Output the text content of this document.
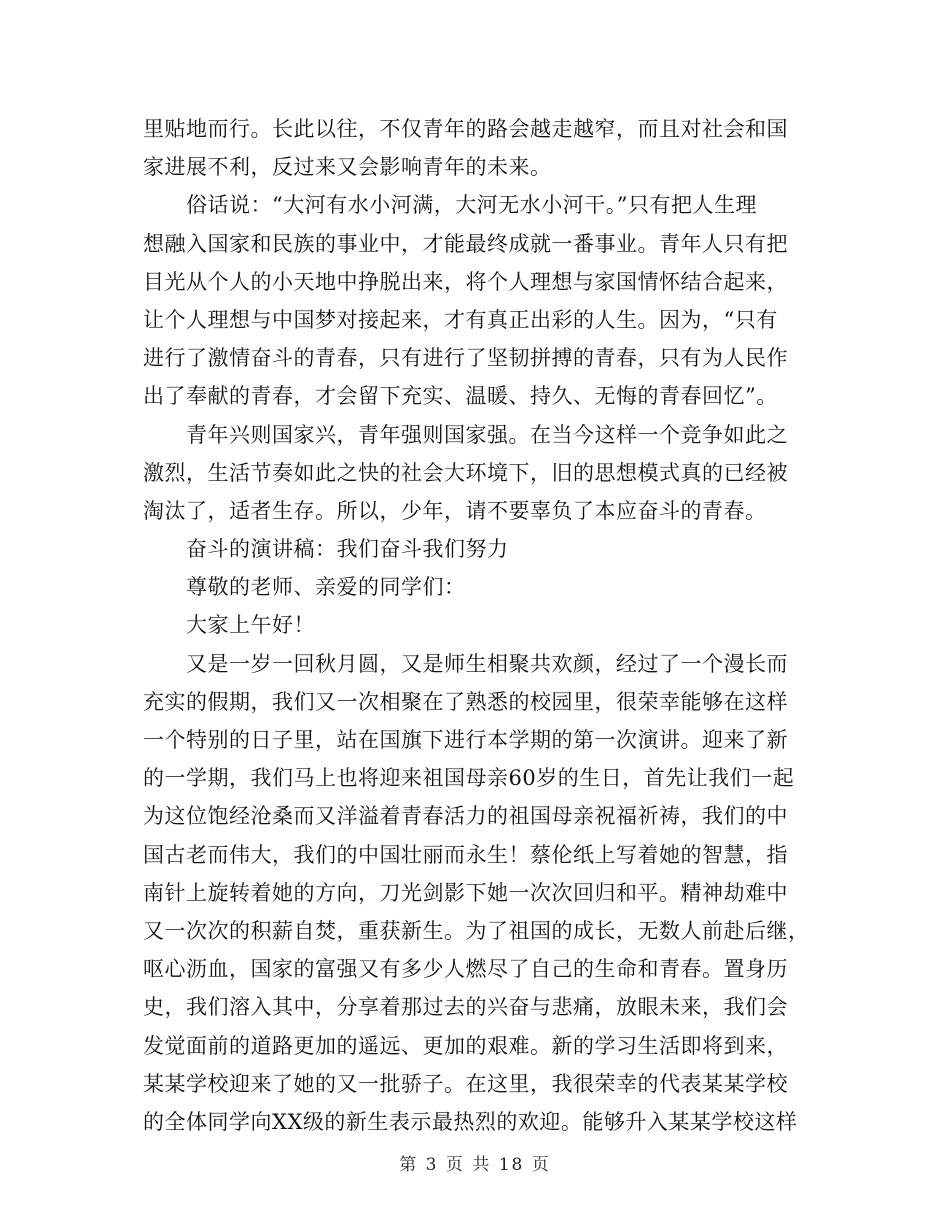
里贴地而行。长此以往，不仅青年的路会越走越窄，而且对社会和国
家进展不利，反过来又会影响青年的未来。
　　俗话说：“大河有水小河满，大河无水小河干。”只有把人生理
想融入国家和民族的事业中，才能最终成就一番事业。青年人只有把
目光从个人的小天地中挣脱出来，将个人理想与家国情怀结合起来，
让个人理想与中国梦对接起来，才有真正出彩的人生。因为，“只有
进行了激情奋斗的青春，只有进行了坚韧拼搏的青春，只有为人民作
出了奉献的青春，才会留下充实、温暖、持久、无悔的青春回忆”。
　　青年兴则国家兴，青年强则国家强。在当今这样一个竞争如此之
激烈，生活节奏如此之快的社会大环境下，旧的思想模式真的已经被
淘汰了，适者生存。所以，少年，请不要辜负了本应奋斗的青春。
　　奋斗的演讲稿：我们奋斗我们努力
　　尊敬的老师、亲爱的同学们：
　　大家上午好！
　　又是一岁一回秋月圆，又是师生相聚共欢颜，经过了一个漫长而
充实的假期，我们又一次相聚在了熟悉的校园里，很荣幸能够在这样
一个特别的日子里，站在国旗下进行本学期的第一次演讲。迎来了新
的一学期，我们马上也将迎来祖国母亲60岁的生日，首先让我们一起
为这位饱经沧桑而又洋溢着青春活力的祖国母亲祝福祈祷，我们的中
国古老而伟大，我们的中国壮丽而永生！蔡伦纸上写着她的智慧，指
南针上旋转着她的方向，刀光剑影下她一次次回归和平。精神劫难中
又一次次的积薪自焚，重获新生。为了祖国的成长，无数人前赴后继，
呕心沥血，国家的富强又有多少人燃尽了自己的生命和青春。置身历
史，我们溶入其中，分享着那过去的兴奋与悲痛，放眼未来，我们会
发觉面前的道路更加的遥远、更加的艰难。新的学习生活即将到来，
某某学校迎来了她的又一批骄子。在这里，我很荣幸的代表某某学校
的全体同学向XX级的新生表示最热烈的欢迎。能够升入某某学校这样
第 3 页 共 18 页
